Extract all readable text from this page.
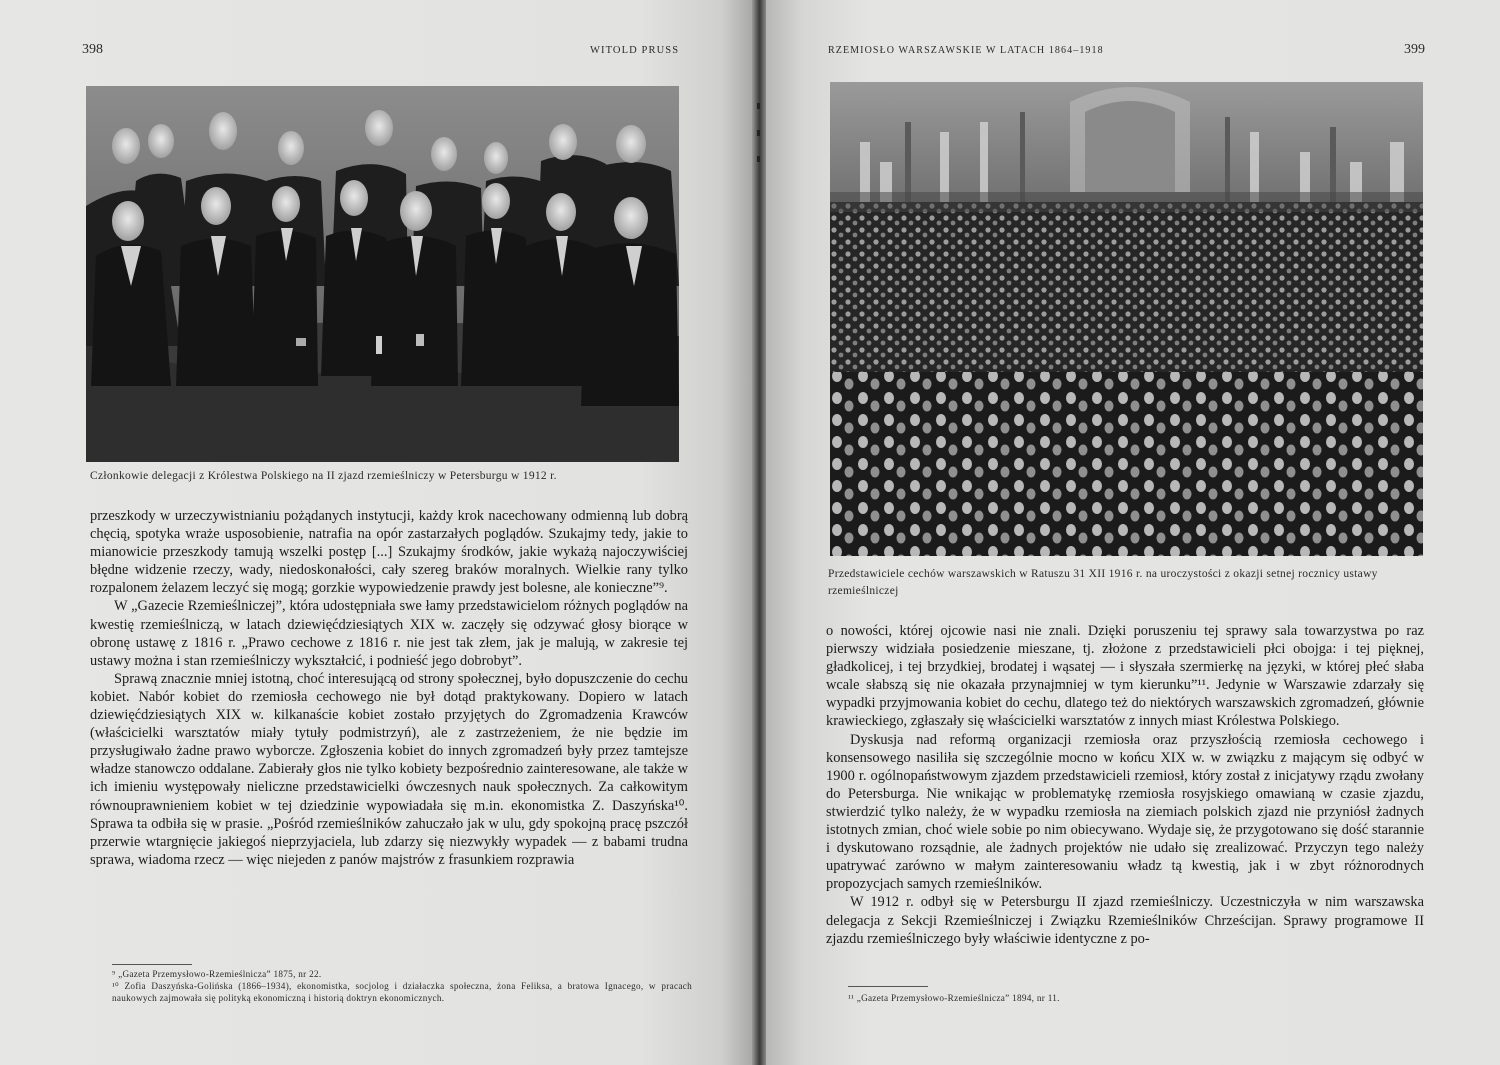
398	WITOLD PRUSS
Członkowie delegacji z Królestwa Polskiego na II zjazd rzemieślniczy w Petersburgu w 1912 r.

przeszkody w urzeczywistnianiu pożądanych instytucji, każdy krok nacechowany odmienną lub dobrą chęcią, spotyka wraże usposobienie, natrafia na opór zastarzałych poglądów. Szukajmy tedy, jakie to mianowicie przeszkody tamują wszelki postęp [...] Szukajmy środków, jakie wykażą najoczywiściej błędne widzenie rzeczy, wady, niedoskonałości, cały szereg braków moralnych. Wielkie rany tylko rozpalonem żelazem leczyć się mogą; gorzkie wypowiedzenie prawdy jest bolesne, ale konieczne”⁹.

W „Gazecie Rzemieślniczej”, która udostępniała swe łamy przedstawicielom różnych poglądów na kwestię rzemieślniczą, w latach dziewięćdziesiątych XIX w. zaczęły się odzywać głosy biorące w obronę ustawę z 1816 r. „Prawo cechowe z 1816 r. nie jest tak złem, jak je malują, w zakresie tej ustawy można i stan rzemieślniczy wykształcić, i podnieść jego dobrobyt”.

Sprawą znacznie mniej istotną, choć interesującą od strony społecznej, było dopuszczenie do cechu kobiet. Nabór kobiet do rzemiosła cechowego nie był dotąd praktykowany. Dopiero w latach dziewięćdziesiątych XIX w. kilkanaście kobiet zostało przyjętych do Zgromadzenia Krawców (właścicielki warsztatów miały tytuły podmistrzyń), ale z zastrzeżeniem, że nie będzie im przysługiwało żadne prawo wyborcze. Zgłoszenia kobiet do innych zgromadzeń były przez tamtejsze władze stanowczo oddalane. Zabierały głos nie tylko kobiety bezpośrednio zainteresowane, ale także w ich imieniu występowały nieliczne przedstawicielki ówczesnych nauk społecznych. Za całkowitym równouprawnieniem kobiet w tej dziedzinie wypowiadała się m.in. ekonomistka Z. Daszyńska¹⁰. Sprawa ta odbiła się w prasie. „Pośród rzemieślników zahuczało jak w ulu, gdy spokojną pracę pszczół przerwie wtargnięcie jakiegoś nieprzyjaciela, lub zdarzy się niezwykły wypadek — z babami trudna sprawa, wiadoma rzecz — więc niejeden z panów majstrów z frasunkiem rozprawia

⁹ „Gazeta Przemysłowo-Rzemieślnicza” 1875, nr 22.

¹⁰ Zofia Daszyńska-Golińska (1866–1934), ekonomistka, socjolog i działaczka społeczna, żona Feliksa, a bratowa Ignacego, w pracach naukowych zajmowała się polityką ekonomiczną i historią doktryn ekonomicznych.

RZEMIOSŁO WARSZAWSKIE W LATACH 1864–1918	399
Przedstawiciele cechów warszawskich w Ratuszu 31 XII 1916 r. na uroczystości z okazji setnej rocznicy ustawy rzemieślniczej

o nowości, której ojcowie nasi nie znali. Dzięki poruszeniu tej sprawy sala towarzystwa po raz pierwszy widziała posiedzenie mieszane, tj. złożone z przedstawicieli płci obojga: i tej pięknej, gładkolicej, i tej brzydkiej, brodatej i wąsatej — i słyszała szermierkę na języki, w której płeć słaba wcale słabszą się nie okazała przynajmniej w tym kierunku”¹¹. Jedynie w Warszawie zdarzały się wypadki przyjmowania kobiet do cechu, dlatego też do niektórych warszawskich zgromadzeń, głównie krawieckiego, zgłaszały się właścicielki warsztatów z innych miast Królestwa Polskiego.

Dyskusja nad reformą organizacji rzemiosła oraz przyszłością rzemiosła cechowego i konsensowego nasiliła się szczególnie mocno w końcu XIX w. w związku z mającym się odbyć w 1900 r. ogólnopaństwowym zjazdem przedstawicieli rzemiosł, który został z inicjatywy rządu zwołany do Petersburga. Nie wnikając w problematykę rzemiosła rosyjskiego omawianą w czasie zjazdu, stwierdzić tylko należy, że w wypadku rzemiosła na ziemiach polskich zjazd nie przyniósł żadnych istotnych zmian, choć wiele sobie po nim obiecywano. Wydaje się, że przygotowano się dość starannie i dyskutowano rozsądnie, ale żadnych projektów nie udało się zrealizować. Przyczyn tego należy upatrywać zarówno w małym zainteresowaniu władz tą kwestią, jak i w zbyt różnorodnych propozycjach samych rzemieślników.

W 1912 r. odbył się w Petersburgu II zjazd rzemieślniczy. Uczestniczyła w nim warszawska delegacja z Sekcji Rzemieślniczej i Związku Rzemieślników Chrześcijan. Sprawy programowe II zjazdu rzemieślniczego były właściwie identyczne z po-

¹¹ „Gazeta Przemysłowo-Rzemieślnicza” 1894, nr 11.
